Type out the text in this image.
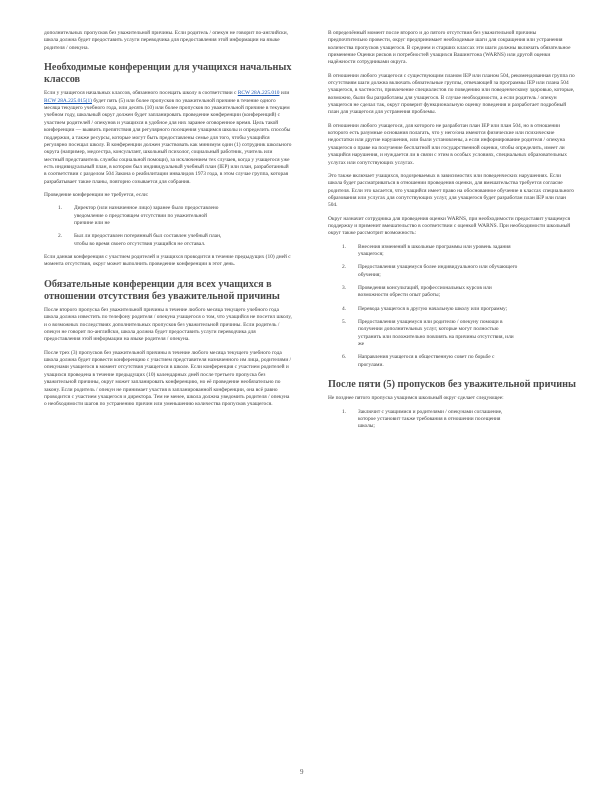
дополнительных пропусков без уважительной причины. Если родитель / опекун не говорит по-английски, школа должна будет предоставить услуги переводчика для предоставления этой информации на языке родителя / опекуна.

Необходимые конференции для учащихся начальных классов

Если у учащегося начальных классов, обязанного посещать школу в соответствии с RCW 28A.225.010 или RCW 28A.225.015(1) будет пять (5) или более пропусков по уважительной причине в течение одного месяца текущего учебного года, или десять (10) или более пропусков по уважительной причине в текущем учебном году, школьный округ должен будет запланировать проведение конференции (конференций) с участием родителей / опекунов и учащихся в удобное для них заранее оговоренное время. Цель такой конференции — выявить препятствия для регулярного посещения учащимся школы и определить способы поддержки, а также ресурсы, которые могут быть предоставлены семье для того, чтобы учащийся регулярно посещал школу. В конференции должен участвовать как минимум один (1) сотрудник школьного округа (например, медсестра, консультант, школьный психолог, социальный работник, учитель или местный представитель службы социальной помощи), за исключением тех случаев, когда у учащегося уже есть индивидуальный план, в котором был индивидуальный учебный план (IEP) или план, разработанный в соответствии с разделом 504 Закона о реабилитации инвалидов 1973 года, в этом случае группа, которая разрабатывает такие планы, повторно созывается для собрания.

Проведение конференции не требуется, если:

1.	Директор (или назначенное лицо) заранее было предоставлено уведомление о предстоящем отсутствии по уважительной причине или не
2.	Был ли предоставлен потерянный был составлен учебный план, чтобы во время своего отсутствия учащийся не отставал.

Если данная конференция с участием родителей и учащихся проводится в течение предыдущих (10) дней с момента отсутствия, округ может выполнить проведение конференции в этот день.

Обязательные конференции для всех учащихся в отношении отсутствия без уважительной причины

После второго пропуска без уважительной причины в течение любого месяца текущего учебного года школа должна известить по телефону родителя / опекуна учащегося о том, что учащийся не посетил школу, и о возможных последствиях дополнительных пропусков без уважительной причины. Если родитель / опекун не говорит по-английски, школа должна будет предоставить услуги переводчика для предоставления этой информации на языке родителя / опекуна.

После трех (3) пропусков без уважительной причины в течение любого месяца текущего учебного года школа должна будет провести конференцию с участием представителя назначенного им лица, родителями / опекунами учащегося в момент отсутствия учащегося в школе. Если конференция с участием родителей и учащихся проведена в течение предыдущих (10) календарных дней после третьего пропуска без уважительной причины, округ может запланировать конференцию, но её проведение необязательно по закону. Если родитель / опекун не принимает участия в запланированной конференции, она всё равно проводится с участием учащегося и директора. Тем не менее, школа должна уведомить родителя / опекуна о необходимости шагов по устранению причин или уменьшению количества пропусков учащегося.

В определённый момент после второго и до пятого отсутствия без уважительной причины предпочтительно провести, округ предпринимает необходимые шаги для сокращения или устранения количества пропусков учащегося. В среднем и старших классах эти шаги должны включать обязательное применение Оценки рисков и потребностей учащихся Вашингтона (WARNS) или другой оценки надёжности сотрудниками округа.

В отношении любого учащегося с существующим планом IEP или планом 504, рекомендованная группа по отсутствиям шаги должна включать обязательные группы, отвечающей за программы IEP или плана 504 учащегося, в частности, привлечение специалистов по поведению или поведенческому здоровью, которые, возможно, были бы разработаны для учащегося. В случае необходимости, а если родитель / опекун учащегося не сделал так, округ проверит функциональную оценку поведения и разработает подробный план для учащегося для устранения проблемы.

В отношении любого учащегося, для которого не разработан план IEP или план 504, но в отношении которого есть разумные основания полагать, что у него/она имеются физические или психические недостатки или другие нарушения, или были установлены, а если информирование родителя / опекуна учащегося о праве на получение бесплатной или государственной оценки, чтобы определить, имеет ли учащийся нарушения, и нуждается ли в связи с этим в особых условиях, специальных образовательных услугах или сопутствующих услугах.

Это также включает учащихся, подозреваемых в зависимостях или поведенческих нарушениях. Если школа будет рассматриваться в отношении проведения оценки, для вмешательства требуется согласие родителя. Если это касается, что учащийся имеет право на обоснованное обучение в классах специального образования или услугах для сопутствующих услуг, для учащегося будет разработан план IEP или план 504.

Округ назначит сотрудника для проведения оценки WARNS, при необходимости предоставит учащемуся поддержку и применит вмешательство в соответствии с оценкой WARNS. При необходимости школьный округ также рассмотрит возможность:

1.	Внесения изменений в школьные программы или уровень задания учащегося;
2.	Предоставления учащемуся более индивидуального или обучающего обучения;
3.	Проведения консультаций, профессиональных курсов или возможности обрести опыт работы;
4.	Перевода учащегося в другую начальную школу или программу;
5.	Предоставления учащемуся или родителю / опекуну помощи в получении дополнительных услуг, которые могут полностью устранить или положительно повлиять на причины отсутствия, или же
6.	Направления учащегося в общественную совет по борьбе с прогулами.
После пяти (5) пропусков без уважительной причины

Не позднее пятого пропуска учащимся школьный округ сделает следующее:

1.	Заключит с учащимися и родителями / опекунами соглашение, которое установит также требования в отношении посещения школы;
9
